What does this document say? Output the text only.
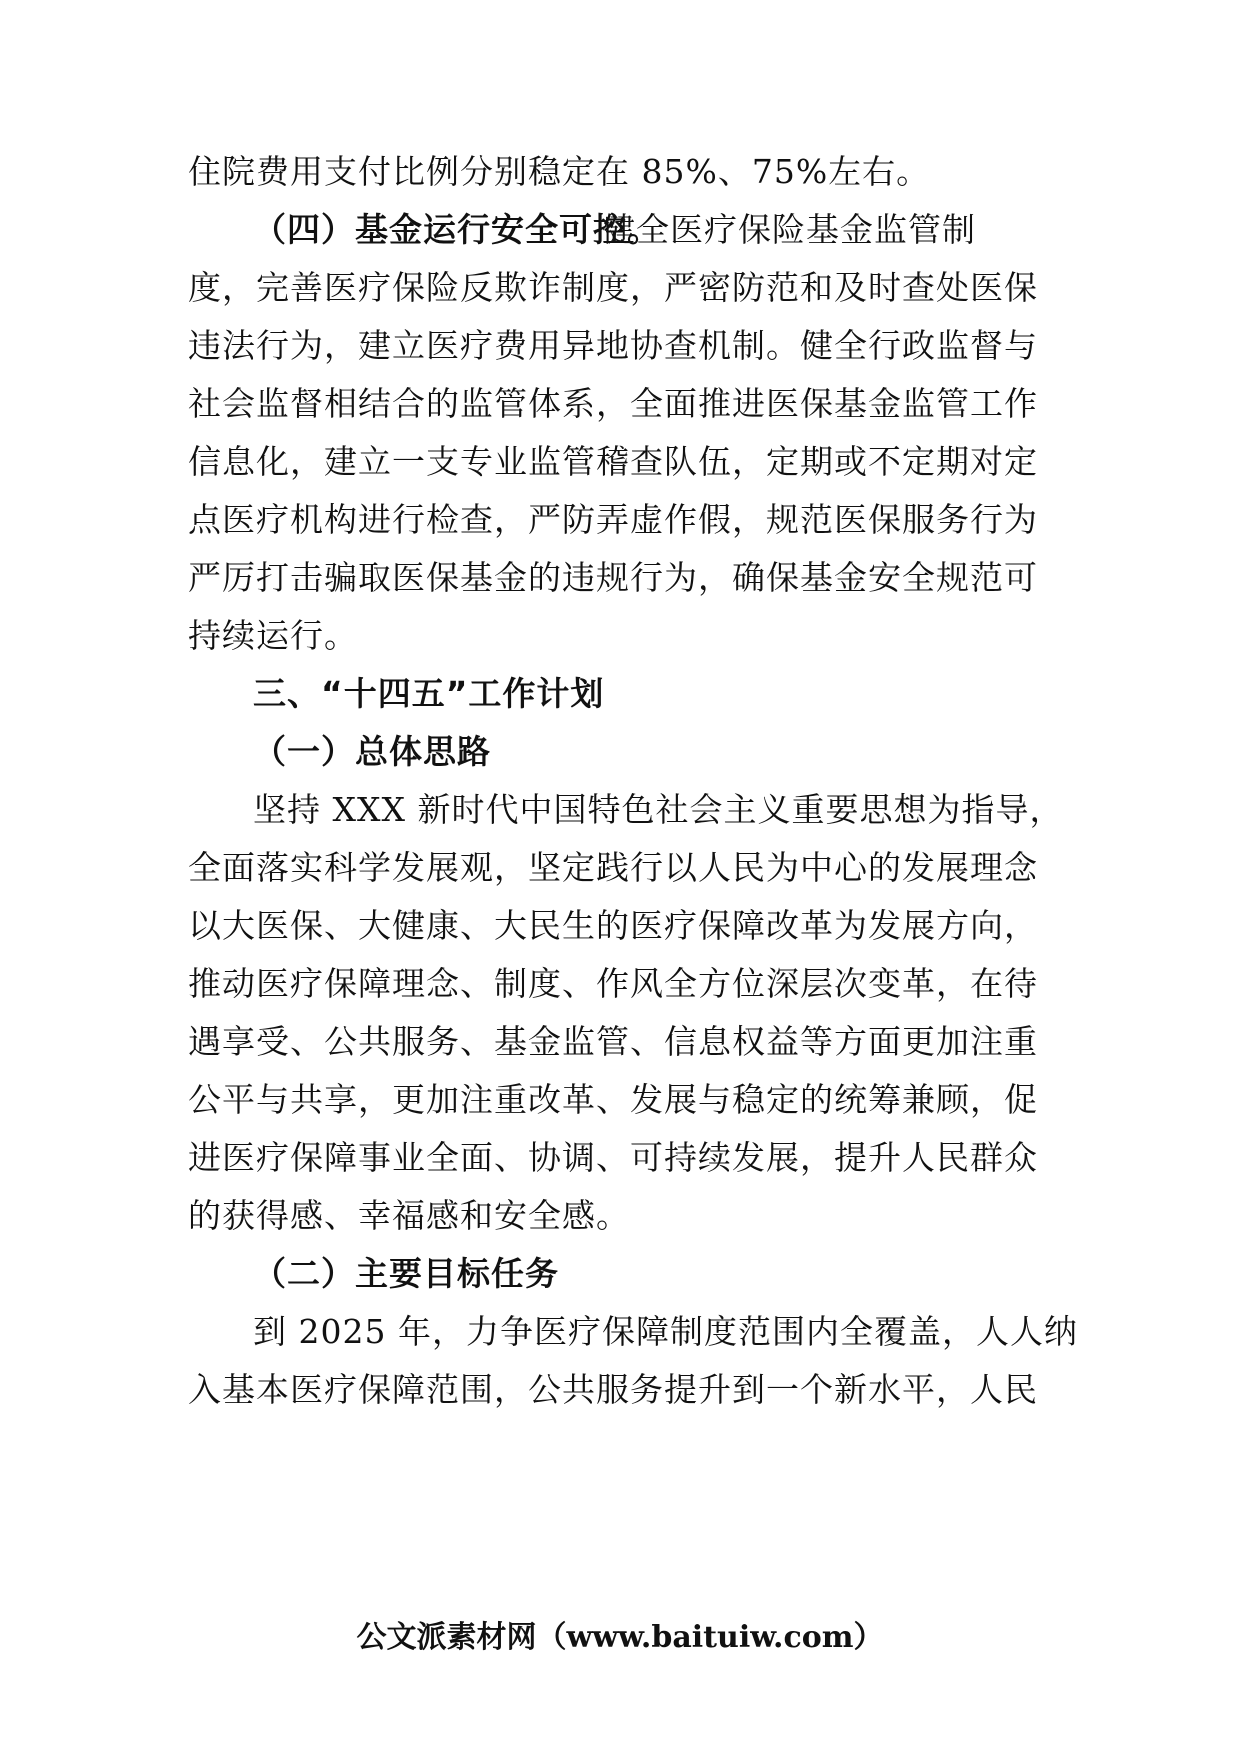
住院费用支付比例分别稳定在 85%、75%左右。
（四）基金运行安全可控。
健全医疗保险基金监管制
度，完善医疗保险反欺诈制度，严密防范和及时查处医保
违法行为，建立医疗费用异地协查机制。健全行政监督与
社会监督相结合的监管体系，全面推进医保基金监管工作
信息化，建立一支专业监管稽查队伍，定期或不定期对定
点医疗机构进行检查，严防弄虚作假，规范医保服务行为
严厉打击骗取医保基金的违规行为，确保基金安全规范可
持续运行。
三、“十四五”工作计划
（一）总体思路
坚持 XXX 新时代中国特色社会主义重要思想为指导，
全面落实科学发展观，坚定践行以人民为中心的发展理念
以大医保、大健康、大民生的医疗保障改革为发展方向，
推动医疗保障理念、制度、作风全方位深层次变革，在待
遇享受、公共服务、基金监管、信息权益等方面更加注重
公平与共享，更加注重改革、发展与稳定的统筹兼顾，促
进医疗保障事业全面、协调、可持续发展，提升人民群众
的获得感、幸福感和安全感。
（二）主要目标任务
到 2025 年，力争医疗保障制度范围内全覆盖，人人纳
入基本医疗保障范围，公共服务提升到一个新水平，人民
公文派素材网（www.baituiw.com）
